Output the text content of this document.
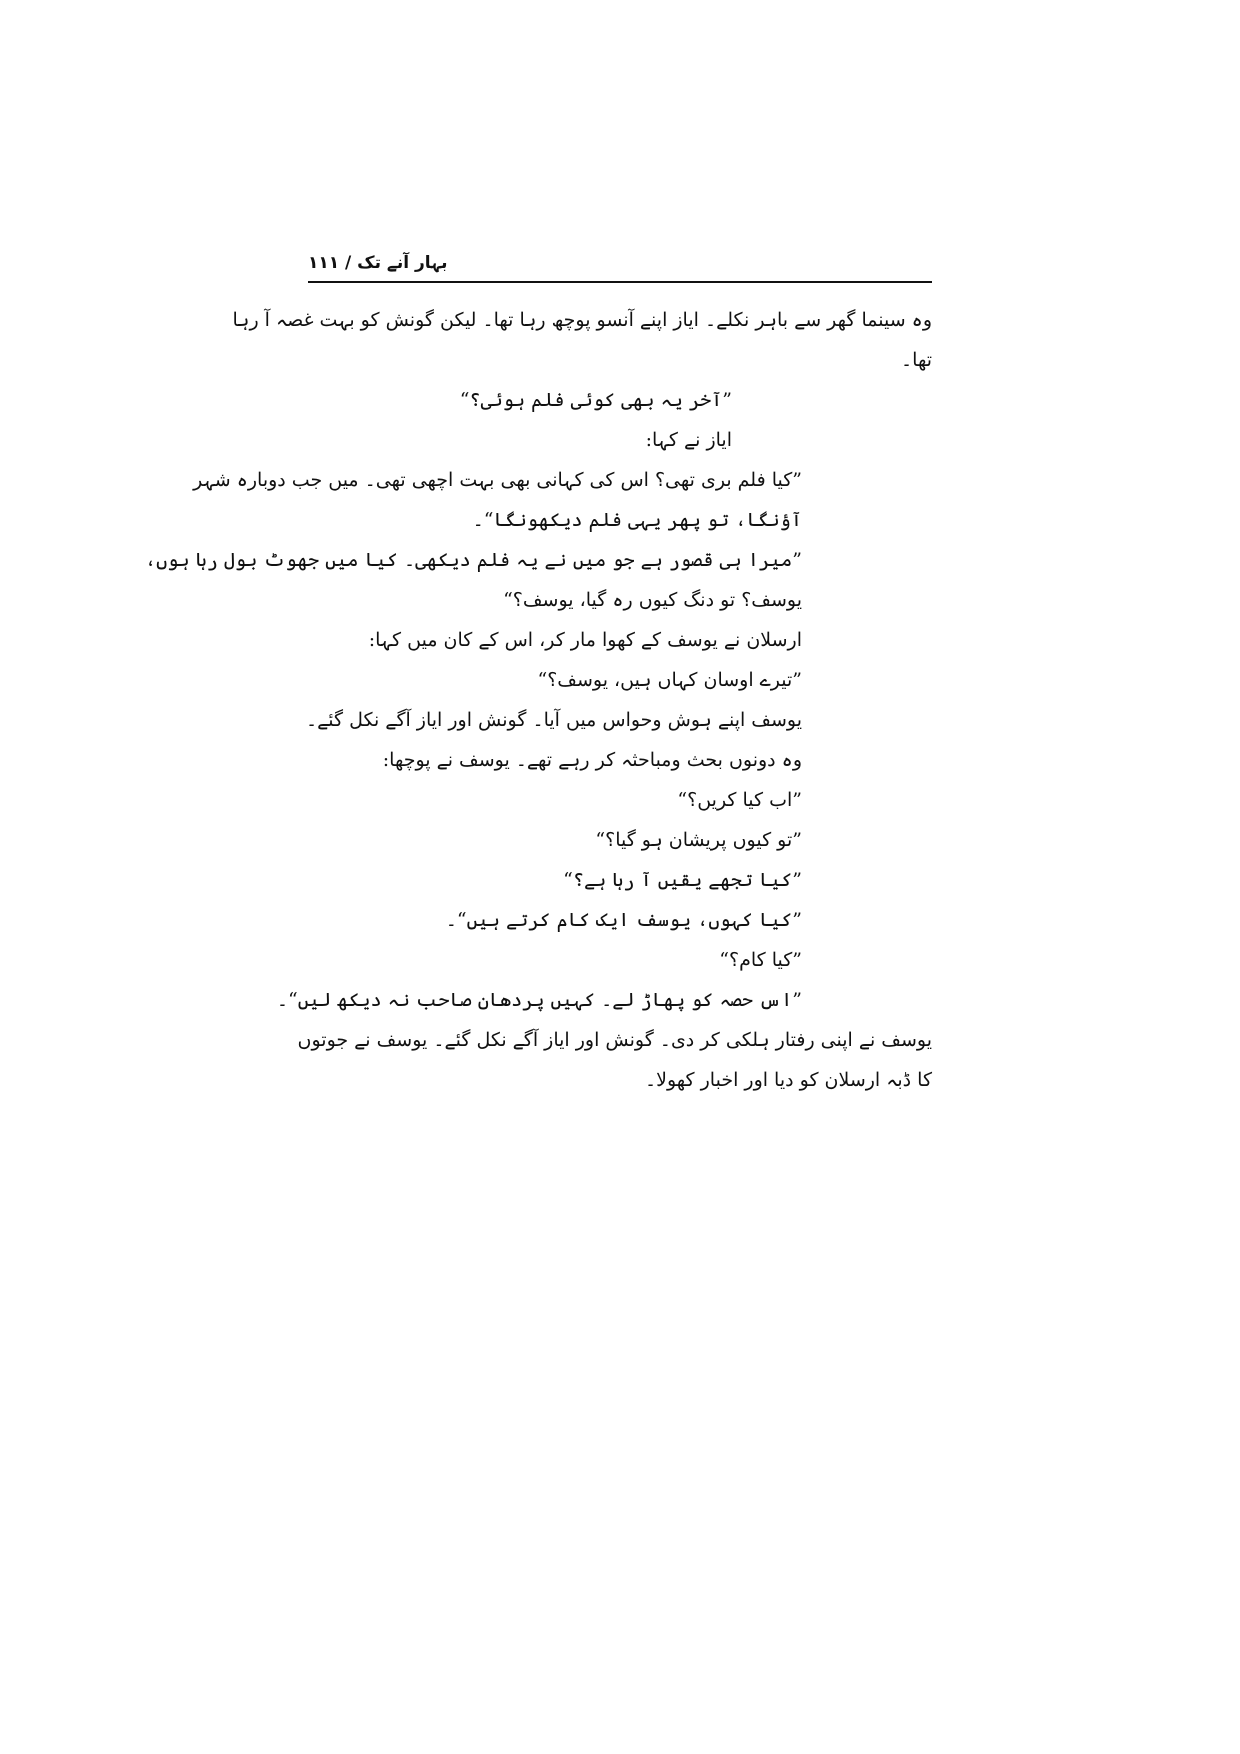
بہار آنے تک / ۱۱۱
وہ سینما گھر سے باہر نکلے۔ ایاز اپنے آنسو پوچھ رہا تھا۔ لیکن گونش کو بہت غصہ آ رہا
تھا۔
”آخر یہ بھی کوئی فلم ہوئی؟“
ایاز نے کہا:
”کیا فلم بری تھی؟ اس کی کہانی بھی بہت اچھی تھی۔ میں جب دوبارہ شہر
آؤنگا، تو پھر یہی فلم دیکھونگا“۔
”میرا ہی قصور ہے جو میں نے یہ فلم دیکھی۔ کیا میں جھوٹ بول رہا ہوں،
یوسف؟ تو دنگ کیوں رہ گیا، یوسف؟“
ارسلان نے یوسف کے کھوا مار کر، اس کے کان میں کہا:
”تیرے اوسان کہاں ہیں، یوسف؟“
یوسف اپنے ہوش وحواس میں آیا۔ گونش اور ایاز آگے نکل گئے۔
وہ دونوں بحث ومباحثہ کر رہے تھے۔ یوسف نے پوچھا:
”اب کیا کریں؟“
”تو کیوں پریشان ہو گیا؟“
”کیا تجھے یقیں آ رہا ہے؟“
”کیا کہوں، یوسف ایک کام کرتے ہیں“۔
”کیا کام؟“
”اس حصہ کو پھاڑ لے۔ کہیں پردھان صاحب نہ دیکھ لیں“۔
یوسف نے اپنی رفتار ہلکی کر دی۔ گونش اور ایاز آگے نکل گئے۔ یوسف نے جوتوں
کا ڈبہ ارسلان کو دیا اور اخبار کھولا۔
